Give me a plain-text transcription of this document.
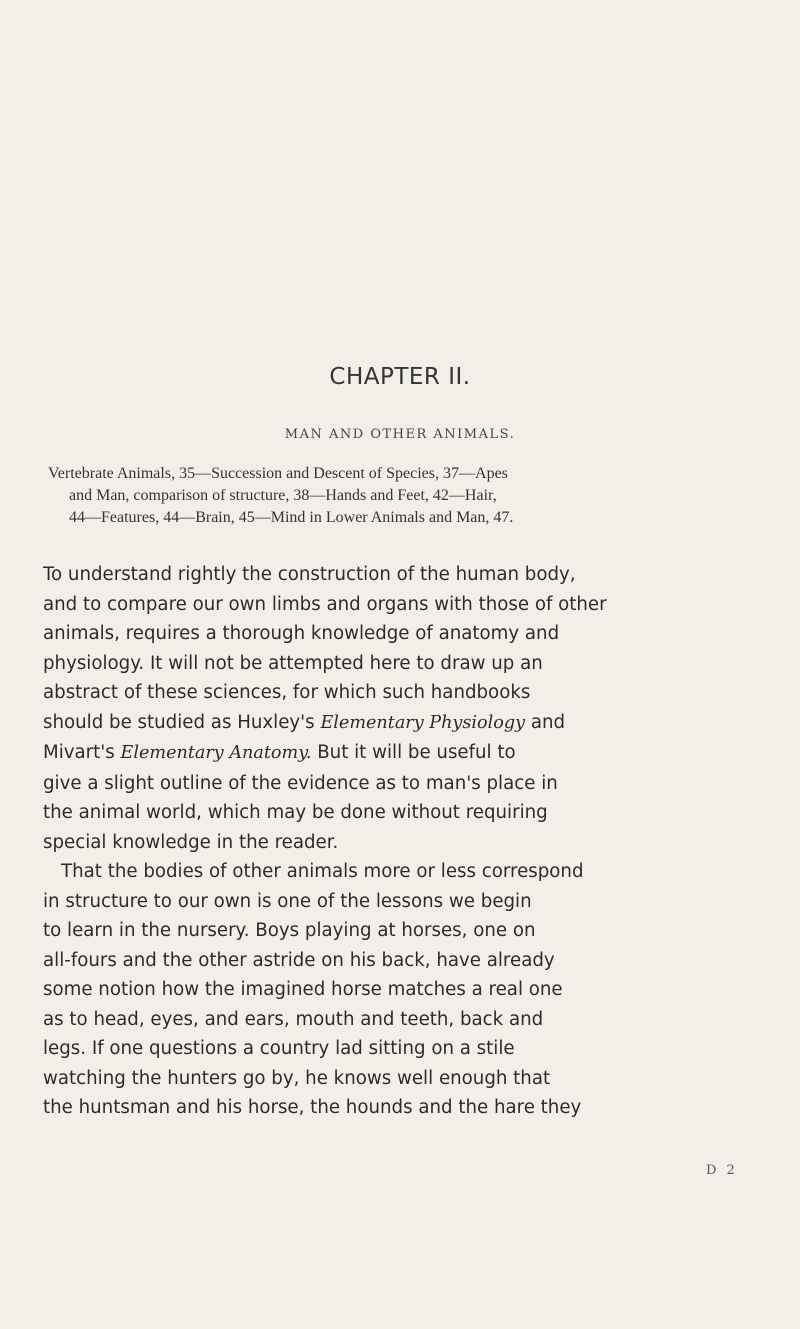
CHAPTER II.
MAN AND OTHER ANIMALS.
Vertebrate Animals, 35—Succession and Descent of Species, 37—Apes
and Man, comparison of structure, 38—Hands and Feet, 42—Hair,
44—Features, 44—Brain, 45—Mind in Lower Animals and Man, 47.
To understand rightly the construction of the human body,
and to compare our own limbs and organs with those of other
animals, requires a thorough knowledge of anatomy and
physiology. It will not be attempted here to draw up an
abstract of these sciences, for which such handbooks
should be studied as Huxley's Elementary Physiology and
Mivart's Elementary Anatomy. But it will be useful to
give a slight outline of the evidence as to man's place in
the animal world, which may be done without requiring
special knowledge in the reader.
That the bodies of other animals more or less correspond
in structure to our own is one of the lessons we begin
to learn in the nursery. Boys playing at horses, one on
all-fours and the other astride on his back, have already
some notion how the imagined horse matches a real one
as to head, eyes, and ears, mouth and teeth, back and
legs. If one questions a country lad sitting on a stile
watching the hunters go by, he knows well enough that
the huntsman and his horse, the hounds and the hare they
D 2
